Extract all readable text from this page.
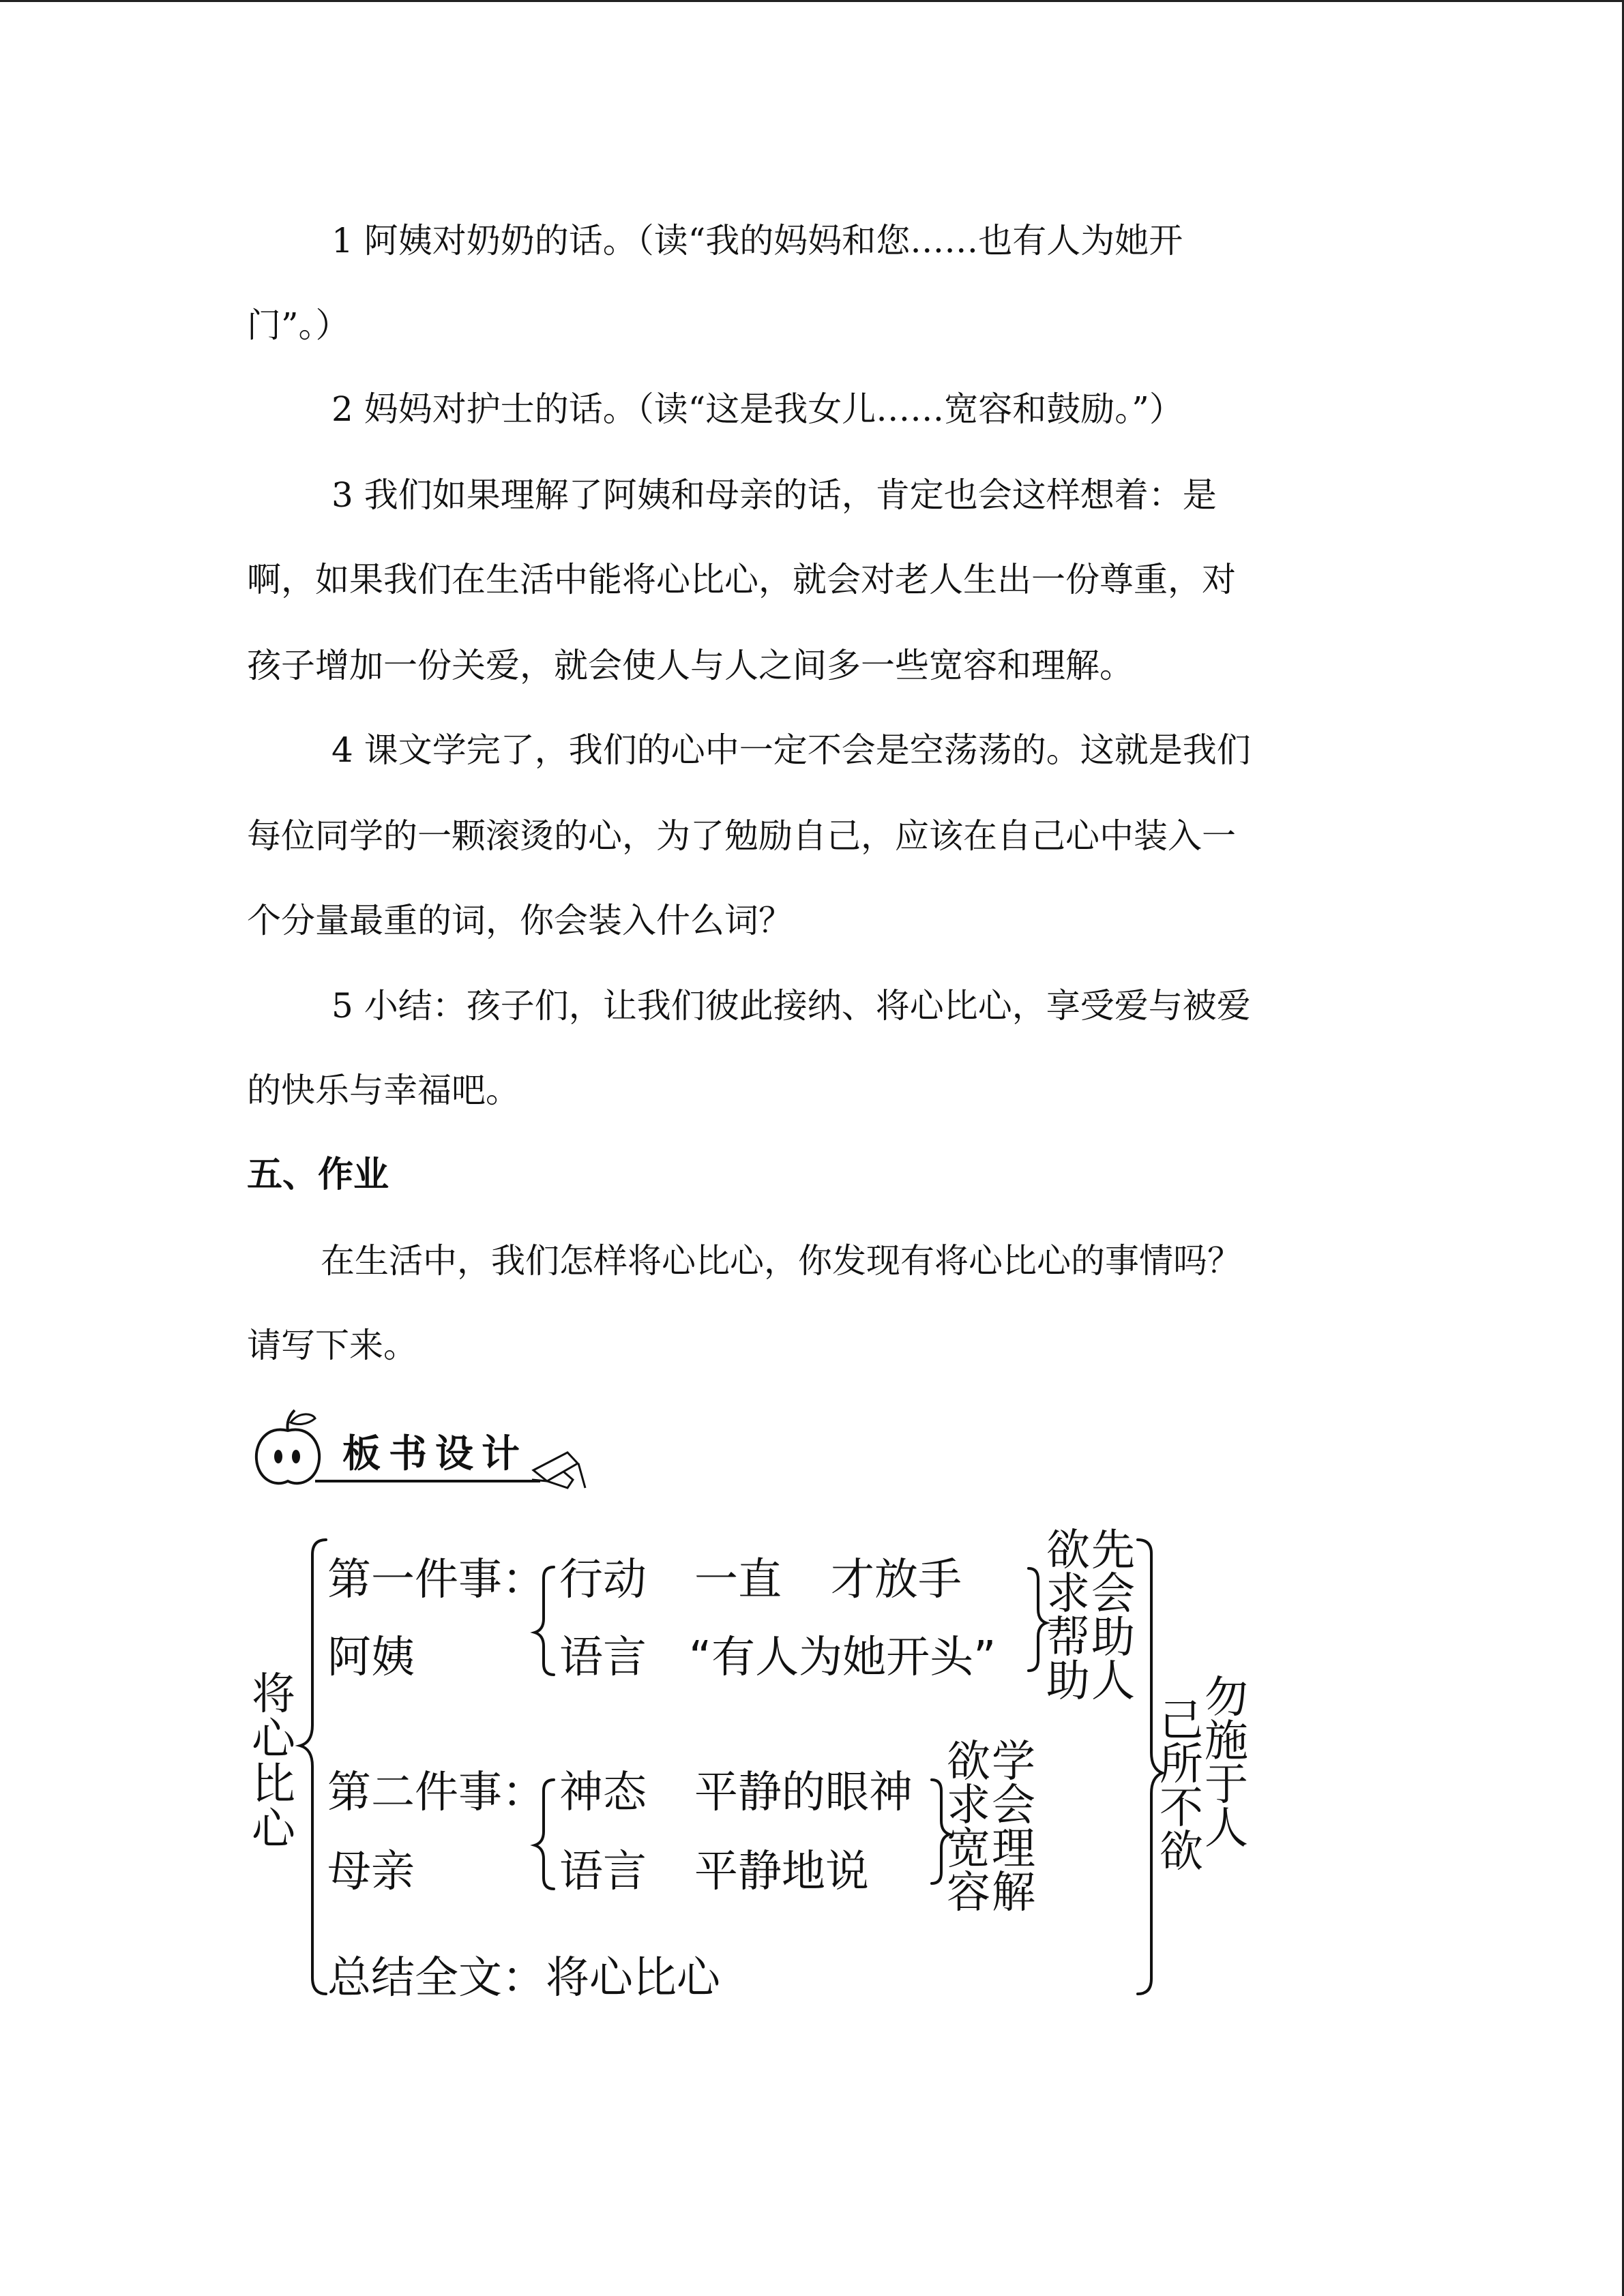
1 阿姨对奶奶的话。（读“我的妈妈和您……也有人为她开
门”。）
2 妈妈对护士的话。（读“这是我女儿……宽容和鼓励。”）
3 我们如果理解了阿姨和母亲的话，肯定也会这样想着：是
啊，如果我们在生活中能将心比心，就会对老人生出一份尊重，对
孩子增加一份关爱，就会使人与人之间多一些宽容和理解。
4 课文学完了，我们的心中一定不会是空荡荡的。这就是我们
每位同学的一颗滚烫的心，为了勉励自己，应该在自己心中装入一
个分量最重的词，你会装入什么词？
5 小结：孩子们，让我们彼此接纳、将心比心，享受爱与被爱
的快乐与幸福吧。
五、作业
在生活中，我们怎样将心比心，你发现有将心比心的事情吗？
请写下来。
板书设计
将心比心
第一件事：
阿姨
行动 一直 才放手
语言 “有人为她开头”
欲求帮助
先会助人
第二件事：
母亲
神态 平静的眼神
语言 平静地说
欲求宽容
学会理解
总结全文：将心比心
己所不欲
勿施于人
